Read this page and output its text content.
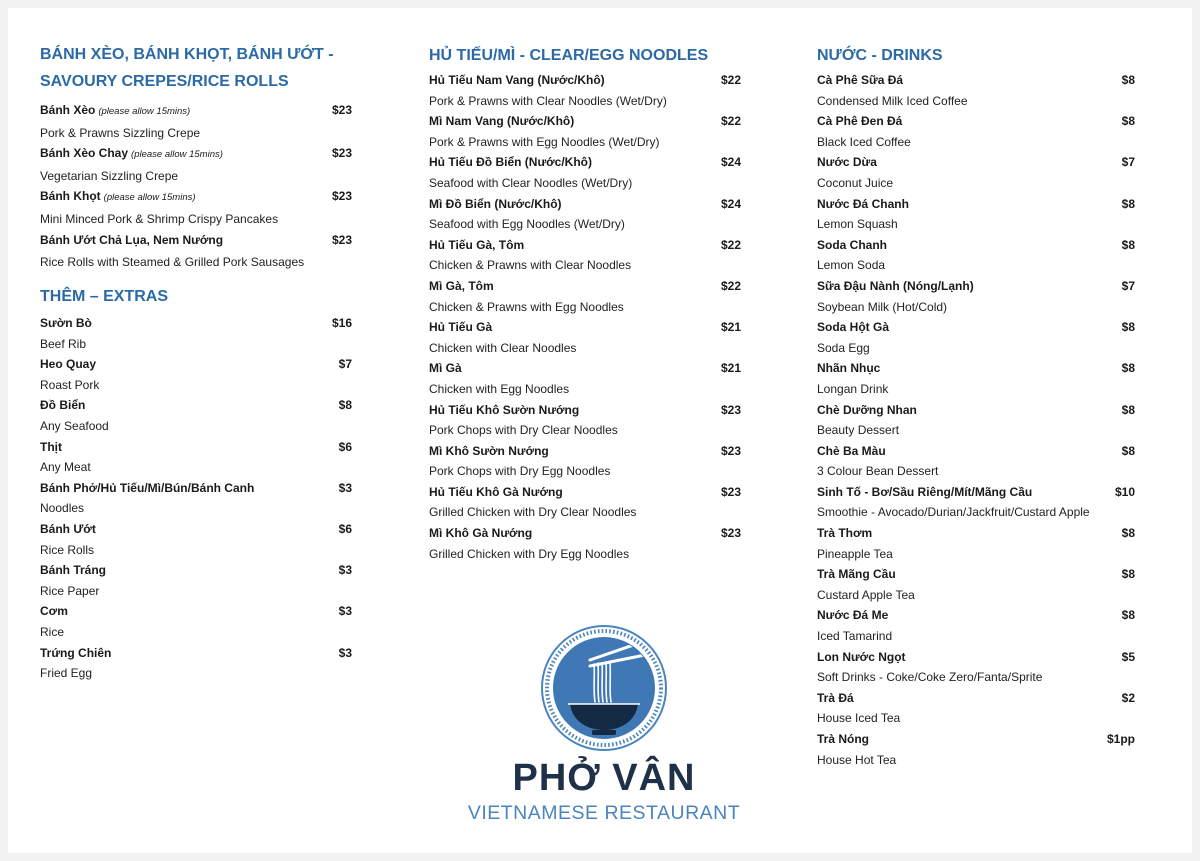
BÁNH XÈO, BÁNH KHỌT, BÁNH ƯỚT -
SAVOURY CREPES/RICE ROLLS
Bánh Xèo (please allow 15mins)	$23
Pork & Prawns Sizzling Crepe
Bánh Xèo Chay (please allow 15mins)	$23
Vegetarian Sizzling Crepe
Bánh Khọt (please allow 15mins)	$23
Mini Minced Pork & Shrimp Crispy Pancakes
Bánh Ướt Chả Lụa, Nem Nướng	$23
Rice Rolls with Steamed & Grilled Pork Sausages
THÊM – EXTRAS
Sườn Bò	$16
Beef Rib
Heo Quay	$7
Roast Pork
Đồ Biển	$8
Any Seafood
Thịt	$6
Any Meat
Bánh Phở/Hủ Tiếu/Mì/Bún/Bánh Canh	$3
Noodles
Bánh Ướt	$6
Rice Rolls
Bánh Tráng	$3
Rice Paper
Cơm	$3
Rice
Trứng Chiên	$3
Fried Egg
HỦ TIẾU/MÌ - CLEAR/EGG NOODLES
Hủ Tiếu Nam Vang (Nước/Khô)	$22
Pork & Prawns with Clear Noodles (Wet/Dry)
Mì Nam Vang (Nước/Khô)	$22
Pork & Prawns with Egg Noodles (Wet/Dry)
Hủ Tiếu Đồ Biển (Nước/Khô)	$24
Seafood with Clear Noodles (Wet/Dry)
Mì Đồ Biển (Nước/Khô)	$24
Seafood with Egg Noodles (Wet/Dry)
Hủ Tiếu Gà, Tôm	$22
Chicken & Prawns with Clear Noodles
Mì Gà, Tôm	$22
Chicken & Prawns with Egg Noodles
Hủ Tiếu Gà	$21
Chicken with Clear Noodles
Mì Gà	$21
Chicken with Egg Noodles
Hủ Tiếu Khô Sườn Nướng	$23
Pork Chops with Dry Clear Noodles
Mì Khô Sườn Nướng	$23
Pork Chops with Dry Egg Noodles
Hủ Tiếu Khô Gà Nướng	$23
Grilled Chicken with Dry Clear Noodles
Mì Khô Gà Nướng	$23
Grilled Chicken with Dry Egg Noodles
NƯỚC - DRINKS
Cà Phê Sữa Đá	$8
Condensed Milk Iced Coffee
Cà Phê Đen Đá	$8
Black Iced Coffee
Nước Dừa	$7
Coconut Juice
Nước Đá Chanh	$8
Lemon Squash
Soda Chanh	$8
Lemon Soda
Sữa Đậu Nành (Nóng/Lạnh)	$7
Soybean Milk (Hot/Cold)
Soda Hột Gà	$8
Soda Egg
Nhãn Nhục	$8
Longan Drink
Chè Dưỡng Nhan	$8
Beauty Dessert
Chè Ba Màu	$8
3 Colour Bean Dessert
Sinh Tố - Bơ/Sầu Riêng/Mít/Mãng Cầu	$10
Smoothie - Avocado/Durian/Jackfruit/Custard Apple
Trà Thơm	$8
Pineapple Tea
Trà Mãng Cầu	$8
Custard Apple Tea
Nước Đá Me	$8
Iced Tamarind
Lon Nước Ngọt	$5
Soft Drinks - Coke/Coke Zero/Fanta/Sprite
Trà Đá	$2
House Iced Tea
Trà Nóng	$1pp
House Hot Tea
PHỞ VÂN
VIETNAMESE RESTAURANT
